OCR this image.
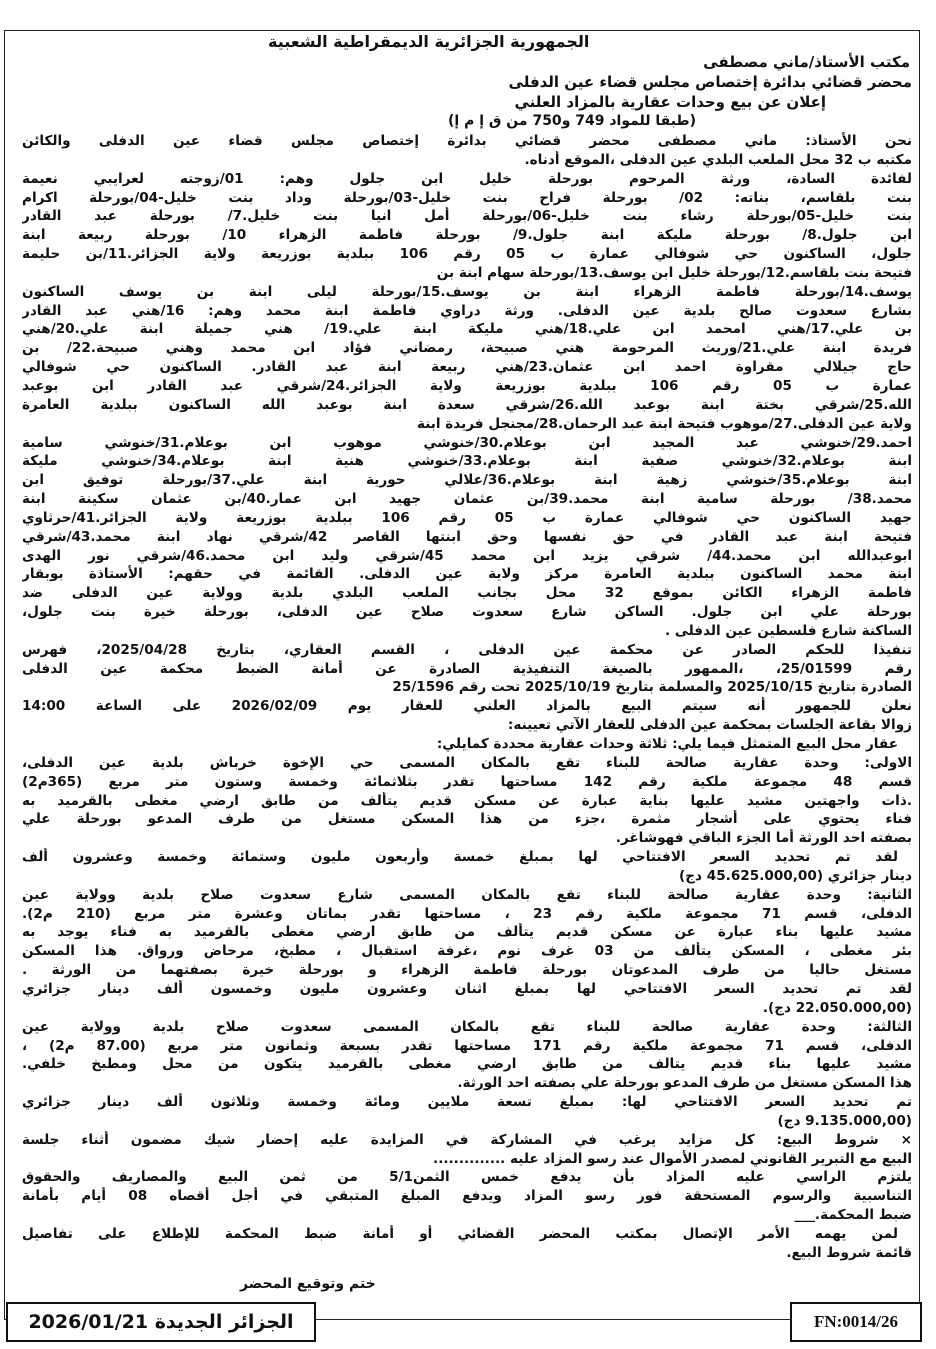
الجمهورية الجزائرية الديمقراطية الشعبية
مكتب الأستاذ/ماني مصطفى
محضر قضائي بدائرة إختصاص مجلس قضاء عين الدفلى
إعلان عن بيع وحدات عقارية بالمزاد العلني
(طبقا للمواد 749 و750 من ق إ م إ)
نحن الأستاذ: ماني مصطفى محضر قضائي بدائرة إختصاص مجلس قضاء عين الدفلى والكائن
مكتبه ب 32 محل الملعب البلدي عين الدفلى ،الموقع أدناه.
لفائدة السادة، ورثة المرحوم بورحلة خليل ابن جلول وهم: 01/زوجته لعرايبي نعيمة
بنت بلقاسم، بناته: 02/ بورحلة فراح بنت خليل-03/بورحلة وداد بنت خليل-04/بورحلة اكرام
بنت خليل-05/بورحلة رشاء بنت خليل-06/بورحلة أمل انيا بنت خليل.7/ بورحلة عبد القادر
ابن جلول.8/ بورحلة مليكة ابنة جلول.9/ بورحلة فاطمة الزهراء 10/ بورحلة ربيعة ابنة
جلول، الساكنون حي شوفالي عمارة ب 05 رقم 106 ببلدية بوزريعة ولاية الجزائر.11/بن حليمة
فتيحة بنت بلقاسم.12/بورحلة خليل ابن يوسف.13/بورحلة سهام ابنة بن
يوسف.14/بورحلة فاطمة الزهراء ابنة بن يوسف.15/بورحلة ليلى ابنة بن يوسف الساكنون
بشارع سعدوت صالح بلدية عين الدفلى. ورثة دراوي فاطمة ابنة محمد وهم: 16/هني عبد القادر
بن علي.17/هني امحمد ابن علي.18/هني مليكة ابنة علي.19/ هني جميلة ابنة علي.20/هني
فريدة ابنة علي.21/وريث المرحومة هني صبيحة، رمضاني فؤاد ابن محمد وهني صبيحة.22/ بن
حاج جيلالي مقراوة احمد ابن عثمان.23/هني ربيعة ابنة عبد القادر. الساكنون حي شوفالي
عمارة ب 05 رقم 106 ببلدية بوزريعة ولاية الجزائر.24/شرقي عبد القادر ابن بوعبد
الله.25/شرقي بختة ابنة بوعبد الله.26/شرقي سعدة ابنة بوعبد الله الساكنون ببلدية العامرة
ولاية عين الدفلى.27/موهوب فتيحة ابنة عبد الرحمان.28/مجنجل فريدة ابنة
احمد.29/خنوشي عبد المجيد ابن بوعلام.30/خنوشي موهوب ابن بوعلام.31/خنوشي سامية
ابنة بوعلام.32/خنوشي صفية ابنة بوعلام.33/خنوشي هنية ابنة بوعلام.34/خنوشي مليكة
ابنة بوعلام.35/خنوشي زهية ابنة بوعلام.36/علالي حورية ابنة علي.37/بورحلة توفيق ابن
محمد.38/ بورحلة سامية ابنة محمد.39/بن عثمان جهيد ابن عمار.40/بن عثمان سكينة ابنة
جهيد الساكنون حي شوفالي عمارة ب 05 رقم 106 ببلدية بوزريعة ولاية الجزائر.41/حرثاوي
فتيحة ابنة عبد القادر في حق نفسها وحق ابنتها القاصر 42/شرقي نهاد ابنة محمد.43/شرقي
ابوعبدالله ابن محمد.44/ شرقي يزيد ابن محمد 45/شرقي وليد ابن محمد.46/شرقي نور الهدى
ابنة محمد الساكنون ببلدية العامرة مركز ولاية عين الدفلى. القائمة في حقهم: الأستاذة بوبقار
فاطمة الزهراء الكائن بموقع 32 محل بجانب الملعب البلدي بلدية وولاية عين الدفلى ضد
بورحلة علي ابن جلول. الساكن شارع سعدوت صلاح عين الدفلى، بورحلة خيرة بنت جلول،
الساكنة شارع فلسطين عين الدفلى .
تنفيذا للحكم الصادر عن محكمة عين الدفلى ، القسم العقاري، بتاريخ 2025/04/28، فهرس
رقم 25/01599، ،الممهور بالصيغة التنفيذية الصادرة عن أمانة الضبط محكمة عين الدفلى
الصادرة بتاريخ 2025/10/15 والمسلمة بتاريخ 2025/10/19 تحت رقم 25/1596
نعلن للجمهور أنه سيتم البيع بالمزاد العلني للعقار يوم 2026/02/09 على الساعة 14:00
زوالا بقاعة الجلسات بمحكمة عين الدفلى للعقار الآتي تعيينه:
عقار محل البيع المتمثل فيما يلي: ثلاثة وحدات عقارية محددة كمايلي:
الاولى: وحدة عقارية صالحة للبناء تقع بالمكان المسمى حي الإخوة خرباش بلدية عين الدفلى،
قسم 48 مجموعة ملكية رقم 142 مساحتها تقدر بثلاثمائة وخمسة وستون متر مربع (365م2)
.ذات واجهتين مشيد عليها بناية عبارة عن مسكن قديم يتألف من طابق ارضي مغطى بالقرميد به
فناء يحتوي على أشجار مثمرة ،جزء من هذا المسكن مستغل من طرف المدعو بورحلة علي
بصفته احد الورثة أما الجزء الباقي فهوشاغر.
لقد تم تحديد السعر الافتتاحي لها بمبلغ خمسة وأربعون مليون وستمائة وخمسة وعشرون ألف
دينار جزائري (45.625.000,00 دج)
الثانية: وحدة عقارية صالحة للبناء تقع بالمكان المسمى شارع سعدوت صلاح بلدية وولاية عين
الدفلى، قسم 71 مجموعة ملكية رقم 23 ، مساحتها تقدر بماتان وعشرة متر مربع (210 م2).
مشيد عليها بناء عبارة عن مسكن قديم يتألف من طابق ارضي مغطى بالقرميد به فناء يوجد به
بئر مغطى ، المسكن يتألف من 03 غرف نوم ،غرفة استقبال ، مطبخ، مرحاض ورواق. هذا المسكن
مستغل حاليا من طرف المدعوتان بورحلة فاطمة الزهراء و بورحلة خيرة بصفتهما من الورثة .
لقد تم تحديد السعر الافتتاحي لها بمبلغ اثنان وعشرون مليون وخمسون ألف دينار جزائري
(22.050.000,00 دج).
الثالثة: وحدة عقارية صالحة للبناء تقع بالمكان المسمى سعدوت صلاح بلدية وولاية عين
الدفلى، قسم 71 مجموعة ملكية رقم 171 مساحتها تقدر بسبعة وثمانون متر مربع (87.00 م2) ،
مشيد عليها بناء قديم يتالف من طابق ارضي مغطى بالقرميد يتكون من محل ومطبخ خلفي.
هذا المسكن مستغل من طرف المدعو بورحلة علي بصفته احد الورثة.
تم تحديد السعر الافتتاحي لها: بمبلغ تسعة ملايين ومائة وخمسة وثلاثون ألف دينار جزائري
(9.135.000,00 دج)
× شروط البيع: كل مزايد يرغب في المشاركة في المزايدة عليه إحضار شيك مضمون أثناء جلسة
البيع مع التبرير القانوني لمصدر الأموال عند رسو المزاد عليه ..............
يلتزم الراسي عليه المزاد بأن يدفع خمس الثمن5/1 من ثمن البيع والمصاريف والحقوق
التناسبية والرسوم المستحقة فور رسو المزاد ويدفع المبلغ المتبقي في أجل أقصاه 08 أيام بأمانة
ضبط المحكمة.___
لمن يهمه الأمر الإتصال بمكتب المحضر القضائي أو أمانة ضبط المحكمة للإطلاع على تفاصيل
قائمة شروط البيع.
ختم وتوقيع المحضر
الجزائر الجديدة 2026/01/21	FN:0014/26
